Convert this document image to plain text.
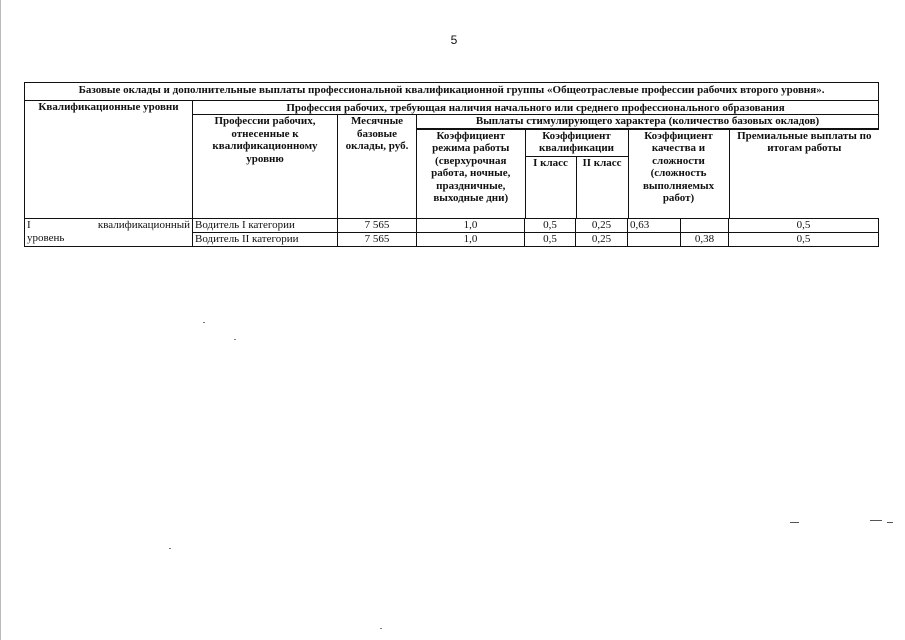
5
Базовые оклады и дополнительные выплаты профессиональной квалификационной группы «Общеотраслевые профессии рабочих второго уровня».
Квалификационные уровни	Профессия рабочих, требующая наличия начального или среднего профессионального образования
Профессии рабочих, отнесенные к квалификационному уровню	Месячные базовые оклады, руб.	Выплаты стимулирующего характера (количество базовых окладов)

Коэффициент режима работы (сверхурочная работа, ночные, праздничные, выходные дни)	Коэффициент квалификации	Коэффициент качества и сложности (сложность выполняемых работ)	Премиальные выплаты по итогам работы
I класс	II класс

I	квалификационный	Водитель I категории	7 565	1,0	0,5	0,25	0,63		0,5
уровень	Водитель II категории	7 565	1,0	0,5	0,25		0,38	0,5
